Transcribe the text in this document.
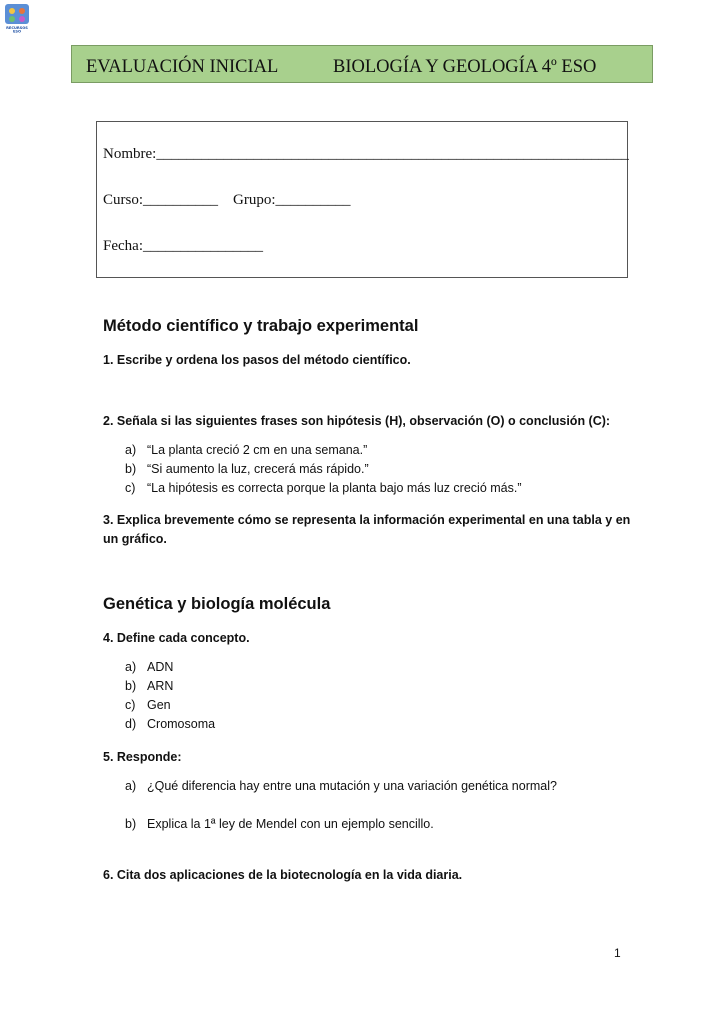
RECURSOS
ESO
EVALUACIÓN INICIAL	BIOLOGÍA Y GEOLOGÍA 4º ESO
Nombre:_______________________________________________________________
Curso:__________ Grupo:__________
Fecha:________________
Método científico y trabajo experimental
1. Escribe y ordena los pasos del método científico.
2. Señala si las siguientes frases son hipótesis (H), observación (O) o conclusión (C):
a) “La planta creció 2 cm en una semana.”
b) “Si aumento la luz, crecerá más rápido.”
c) “La hipótesis es correcta porque la planta bajo más luz creció más.”
3. Explica brevemente cómo se representa la información experimental en una tabla y en un gráfico.
Genética y biología molécula
4. Define cada concepto.
a) ADN
b) ARN
c) Gen
d) Cromosoma
5. Responde:
a) ¿Qué diferencia hay entre una mutación y una variación genética normal?
b) Explica la 1ª ley de Mendel con un ejemplo sencillo.
6. Cita dos aplicaciones de la biotecnología en la vida diaria.
1
